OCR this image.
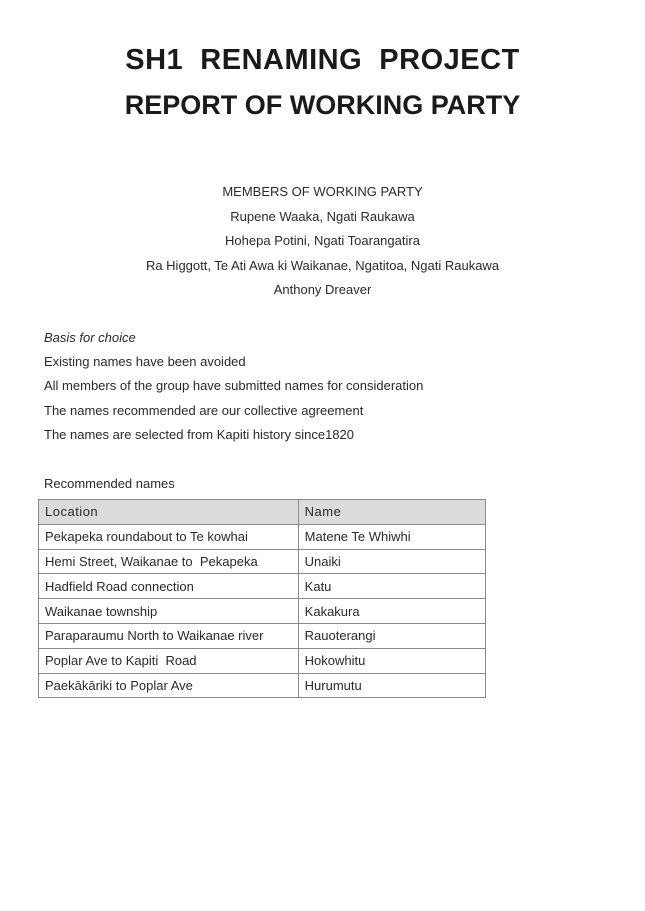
SH1  RENAMING  PROJECT
REPORT OF WORKING PARTY
MEMBERS OF WORKING PARTY
Rupene Waaka, Ngati Raukawa
Hohepa Potini, Ngati Toarangatira
Ra Higgott, Te Ati Awa ki Waikanae, Ngatitoa, Ngati Raukawa
Anthony Dreaver
Basis for choice
Existing names have been avoided
All members of the group have submitted names for consideration
The names recommended are our collective agreement
The names are selected from Kapiti history since1820
Recommended names
Location	Name
Pekapeka roundabout to Te kowhai	Matene Te Whiwhi
Hemi Street, Waikanae to  Pekapeka	Unaiki
Hadfield Road connection	Katu
Waikanae township	Kakakura
Paraparaumu North to Waikanae river	Rauoterangi
Poplar Ave to Kapiti  Road	Hokowhitu
Paekākāriki to Poplar Ave	Hurumutu
